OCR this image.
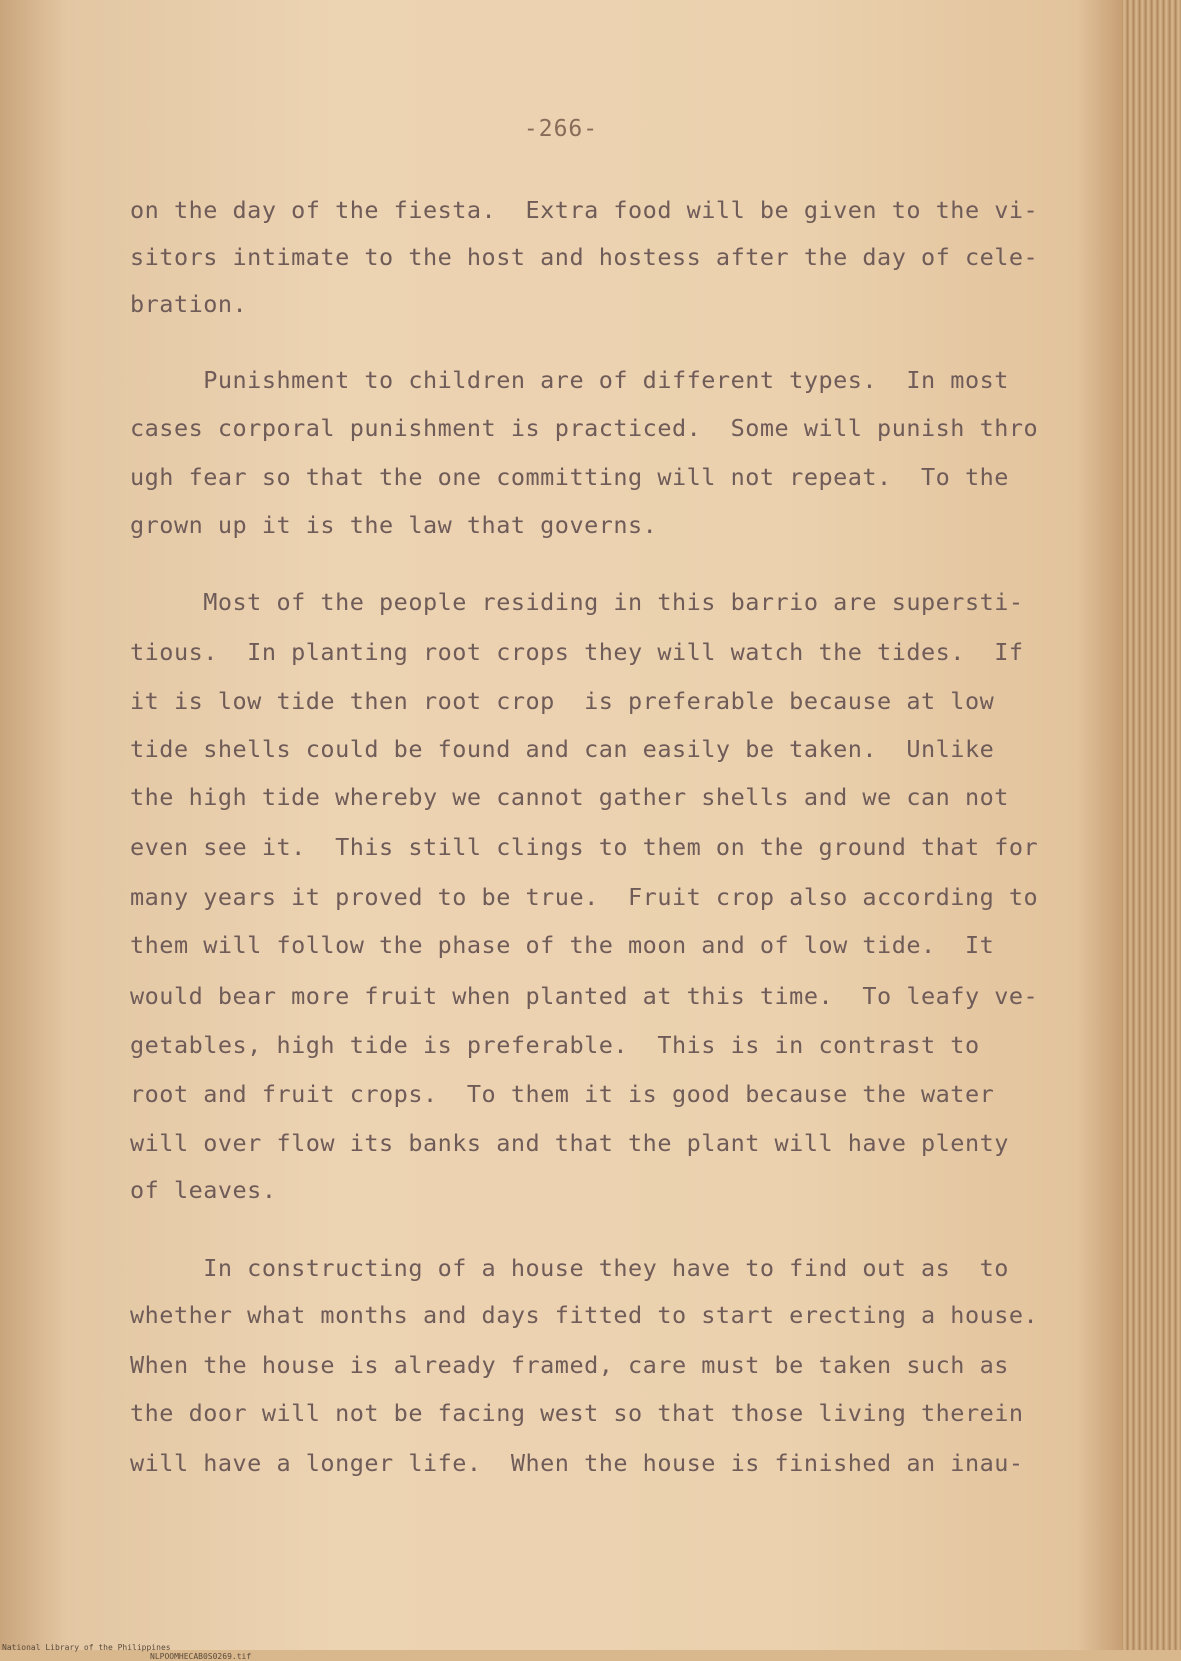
-266-
on the day of the fiesta.  Extra food will be given to the vi-
sitors intimate to the host and hostess after the day of cele-
bration.
Punishment to children are of different types.  In most
cases corporal punishment is practiced.  Some will punish thro
ugh fear so that the one committing will not repeat.  To the
grown up it is the law that governs.
Most of the people residing in this barrio are supersti-
tious.  In planting root crops they will watch the tides.  If
it is low tide then root crop  is preferable because at low
tide shells could be found and can easily be taken.  Unlike
the high tide whereby we cannot gather shells and we can not
even see it.  This still clings to them on the ground that for
many years it proved to be true.  Fruit crop also according to
them will follow the phase of the moon and of low tide.  It
would bear more fruit when planted at this time.  To leafy ve-
getables, high tide is preferable.  This is in contrast to
root and fruit crops.  To them it is good because the water
will over flow its banks and that the plant will have plenty
of leaves.
In constructing of a house they have to find out as  to
whether what months and days fitted to start erecting a house.
When the house is already framed, care must be taken such as
the door will not be facing west so that those living therein
will have a longer life.  When the house is finished an inau-

National Library of the Philippines

NLPOOMHECAB0S0269.tif
